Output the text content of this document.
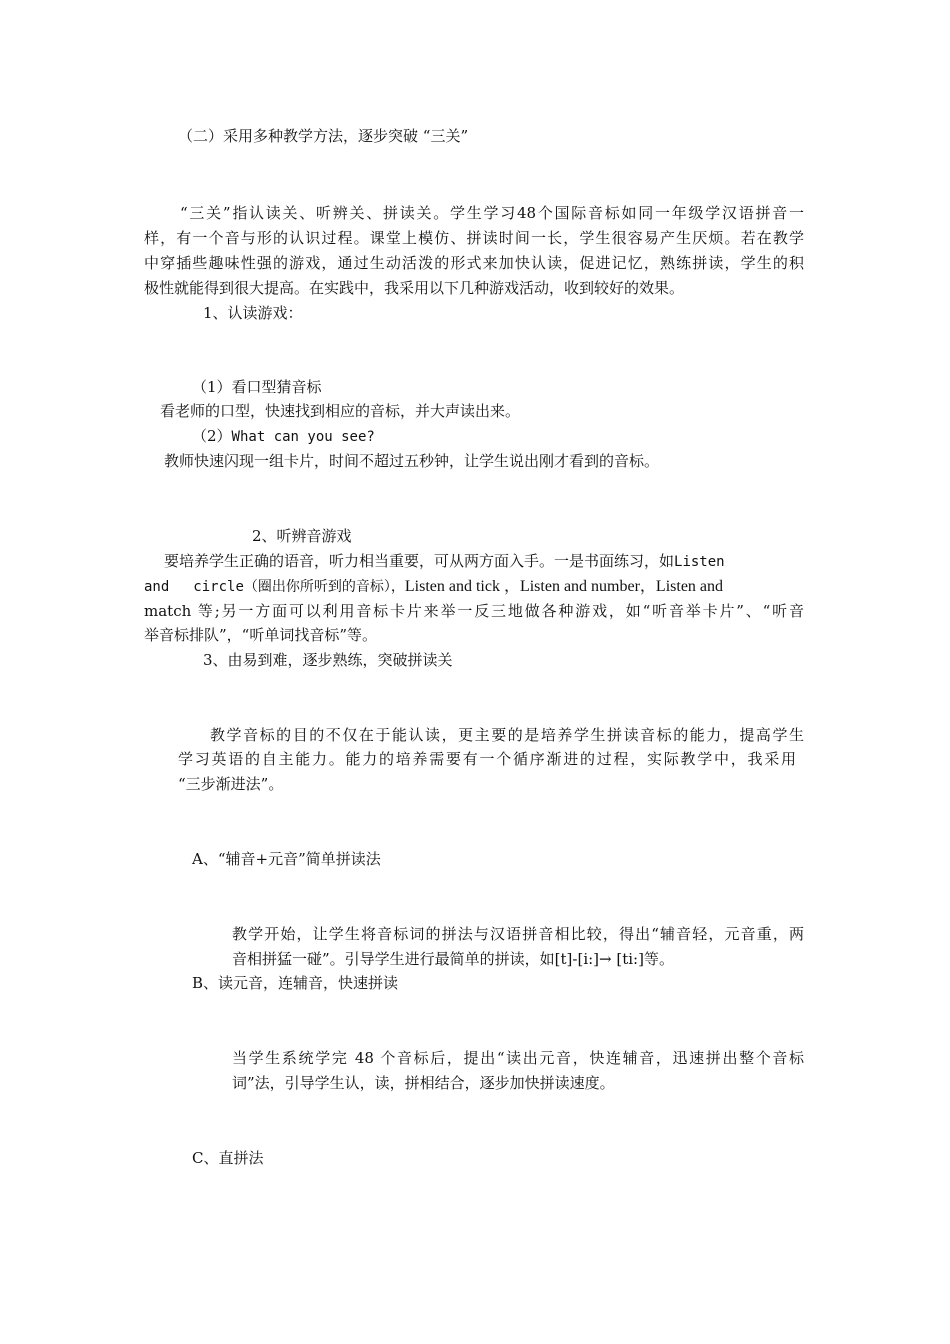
（二）采用多种教学方法，逐步突破 “三关”
“三关”指认读关、听辨关、拼读关。学生学习48个国际音标如同一年级学汉语拼音一
样，有一个音与形的认识过程。课堂上模仿、拼读时间一长，学生很容易产生厌烦。若在教学
中穿插些趣味性强的游戏，通过生动活泼的形式来加快认读，促进记忆，熟练拼读，学生的积
极性就能得到很大提高。在实践中，我采用以下几种游戏活动，收到较好的效果。
1、认读游戏：
（1）看口型猜音标
看老师的口型，快速找到相应的音标，并大声读出来。
（2）What can you see?
教师快速闪现一组卡片，时间不超过五秒钟，让学生说出刚才看到的音标。
2、听辨音游戏
要培养学生正确的语音，听力相当重要，可从两方面入手。一是书面练习，如Listen
and circle（圈出你所听到的音标），Listen and tick ，Listen and number，Listen and
match 等;另一方面可以利用音标卡片来举一反三地做各种游戏，如“听音举卡片”、“听音
举音标排队”，“听单词找音标”等。
3、由易到难，逐步熟练，突破拼读关
教学音标的目的不仅在于能认读，更主要的是培养学生拼读音标的能力，提高学生
学习英语的自主能力。能力的培养需要有一个循序渐进的过程，实际教学中，我采用
“三步渐进法”。
A、“辅音+元音”简单拼读法
教学开始，让学生将音标词的拼法与汉语拼音相比较，得出“辅音轻，元音重，两
音相拼猛一碰”。引导学生进行最简单的拼读，如[t]-[i:]→ [ti:]等。
B、读元音，连辅音，快速拼读
当学生系统学完 48 个音标后，提出“读出元音，快连辅音，迅速拼出整个音标
词”法，引导学生认，读，拼相结合，逐步加快拼读速度。
C、直拼法
